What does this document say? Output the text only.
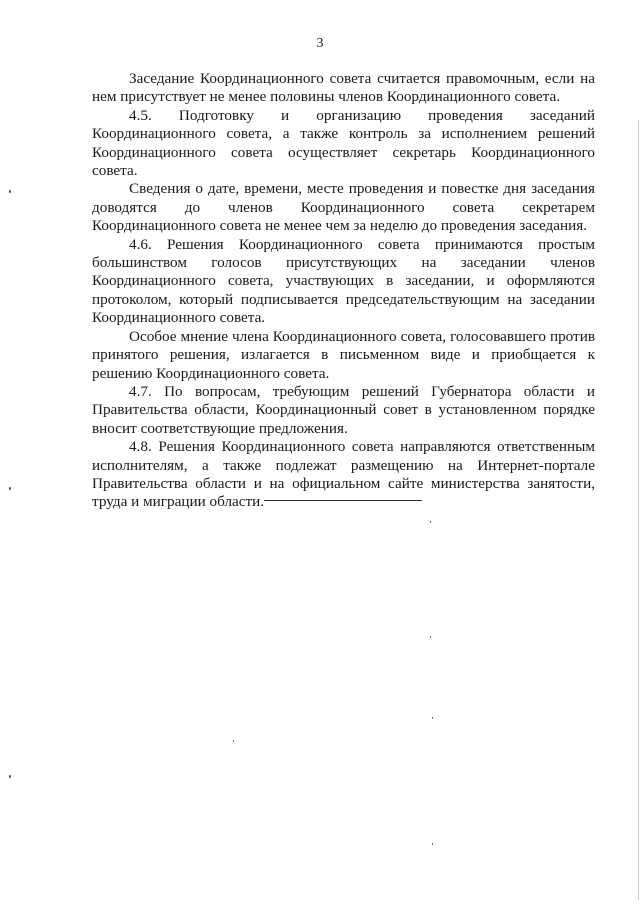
3

Заседание Координационного совета считается правомочным, если на нем присутствует не менее половины членов Координационного совета.

4.5. Подготовку и организацию проведения заседаний Координационного совета, а также контроль за исполнением решений Координационного совета осуществляет секретарь Координационного совета.

Сведения о дате, времени, месте проведения и повестке дня заседания доводятся до членов Координационного совета секретарем Координационного совета не менее чем за неделю до проведения заседания.

4.6. Решения Координационного совета принимаются простым большинством голосов присутствующих на заседании членов Координационного совета, участвующих в заседании, и оформляются протоколом, который подписывается председательствующим на заседании Координационного совета.

Особое мнение члена Координационного совета, голосовавшего против принятого решения, излагается в письменном виде и приобщается к решению Координационного совета.

4.7. По вопросам, требующим решений Губернатора области и Правительства области, Координационный совет в установленном порядке вносит соответствующие предложения.

4.8. Решения Координационного совета направляются ответственным исполнителям, а также подлежат размещению на Интернет-портале Правительства области и на официальном сайте министерства занятости, труда и миграции области.
